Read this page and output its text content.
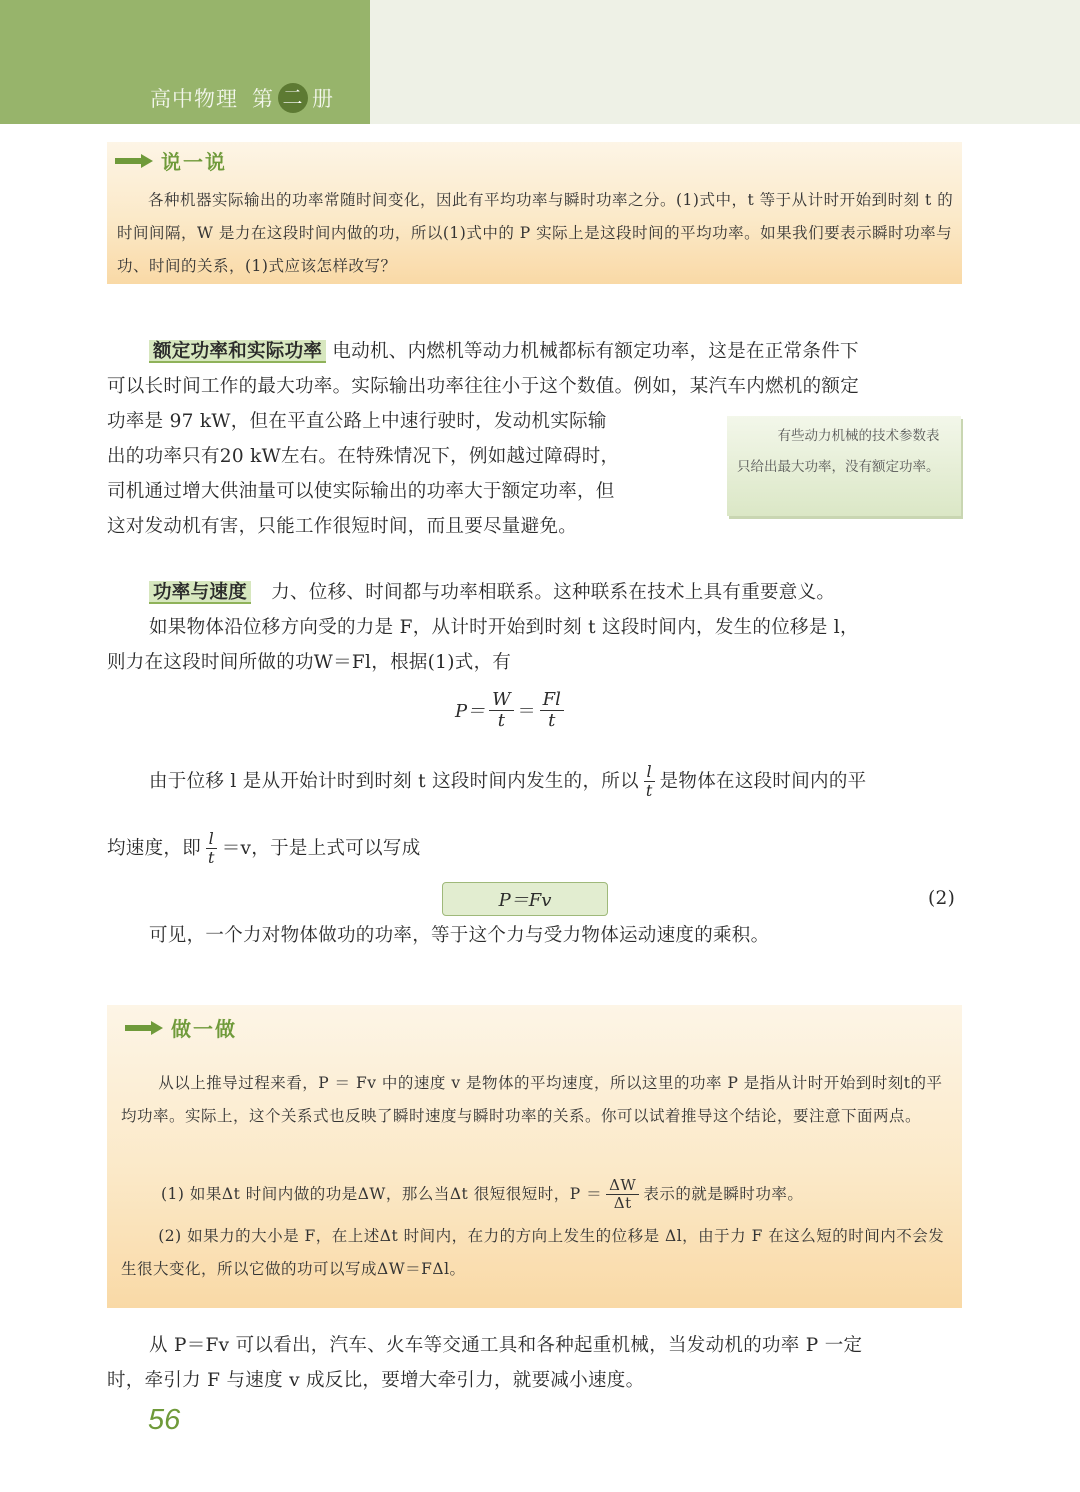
高中物理 第 二 册
说一说
各种机器实际输出的功率常随时间变化，因此有平均功率与瞬时功率之分。(1)式中，t 等于从计时开始到时刻 t 的时间间隔，W 是力在这段时间内做的功，所以(1)式中的 P 实际上是这段时间的平均功率。如果我们要表示瞬时功率与功、时间的关系，(1)式应该怎样改写？
额定功率和实际功率 电动机、内燃机等动力机械都标有额定功率，这是在正常条件下
可以长时间工作的最大功率。实际输出功率往往小于这个数值。例如，某汽车内燃机的额定
功率是 97 kW，但在平直公路上中速行驶时，发动机实际输
出的功率只有20 kW左右。在特殊情况下，例如越过障碍时，
司机通过增大供油量可以使实际输出的功率大于额定功率，但
这对发动机有害，只能工作很短时间，而且要尽量避免。
有些动力机械的技术参数表只给出最大功率，没有额定功率。
功率与速度 力、位移、时间都与功率相联系。这种联系在技术上具有重要意义。
如果物体沿位移方向受的力是 F，从计时开始到时刻 t 这段时间内，发生的位移是 l，
则力在这段时间所做的功W＝Fl，根据(1)式，有
$P= \frac{W}{t} = \frac{Fl}{t}$
由于位移 l 是从开始计时到时刻 t 这段时间内发生的，所以 $\frac{l}{t}$ 是物体在这段时间内的平
均速度，即 $\frac{l}{t} =v$，于是上式可以写成
P＝Fv	(2)
可见，一个力对物体做功的功率，等于这个力与受力物体运动速度的乘积。
做一做
从以上推导过程来看，P ＝ Fv 中的速度 v 是物体的平均速度，所以这里的功率 P 是指从计时开始到时刻t的平均功率。实际上，这个关系式也反映了瞬时速度与瞬时功率的关系。你可以试着推导这个结论，要注意下面两点。
(1) 如果Δt 时间内做的功是ΔW，那么当Δt 很短很短时，$P = \frac{\Delta W}{\Delta t}$ 表示的就是瞬时功率。
(2) 如果力的大小是 F，在上述Δt 时间内，在力的方向上发生的位移是 Δl，由于力 F 在这么短的时间内不会发生很大变化，所以它做的功可以写成ΔW＝FΔl。
从 P＝Fv 可以看出，汽车、火车等交通工具和各种起重机械，当发动机的功率 P 一定
时，牵引力 F 与速度 v 成反比，要增大牵引力，就要减小速度。
56
